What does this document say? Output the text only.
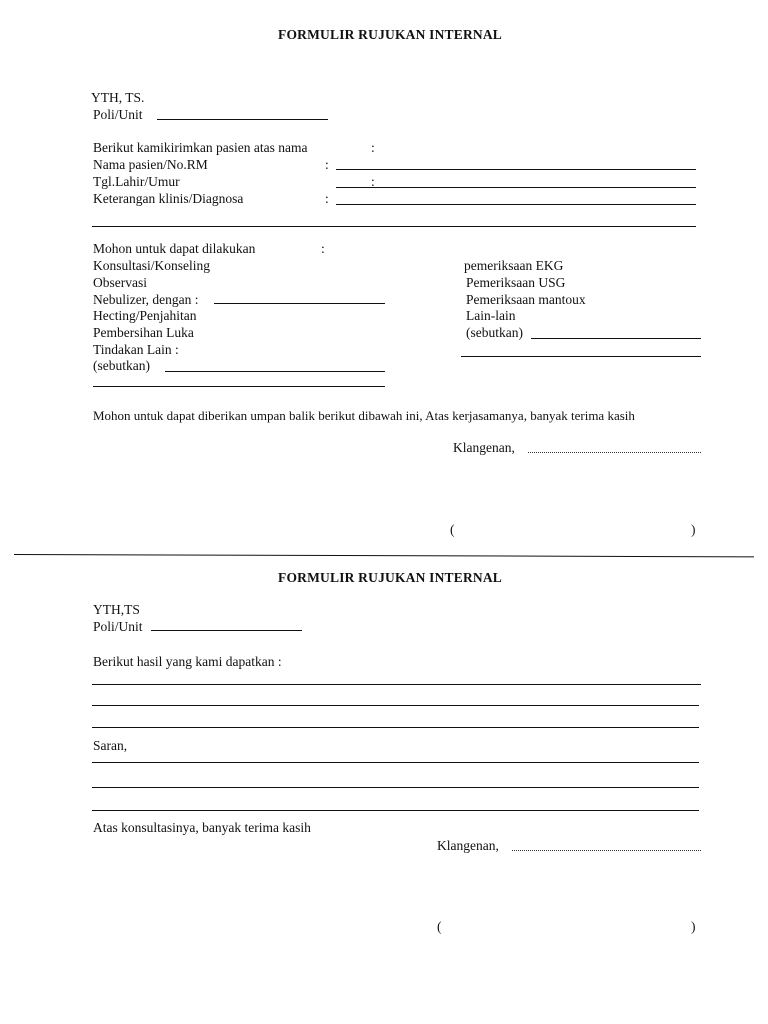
FORMULIR RUJUKAN INTERNAL
YTH, TS.
Poli/Unit
Berikut kamikirimkan pasien atas nama	:
Nama pasien/No.RM	:
Tgl.Lahir/Umur	:
Keterangan klinis/Diagnosa	:
Mohon untuk dapat dilakukan	:
Konsultasi/Konseling
Observasi
Nebulizer, dengan :
Hecting/Penjahitan
Pembersihan Luka
Tindakan Lain :
(sebutkan)
pemeriksaan EKG
Pemeriksaan USG
Pemeriksaan mantoux
Lain-lain
(sebutkan)
Mohon untuk dapat diberikan umpan balik berikut dibawah ini, Atas kerjasamanya, banyak terima kasih
Klangenan,
(	)
FORMULIR RUJUKAN INTERNAL
YTH,TS
Poli/Unit
Berikut hasil yang kami dapatkan :
Saran,
Atas konsultasinya, banyak terima kasih
Klangenan,
(	)
